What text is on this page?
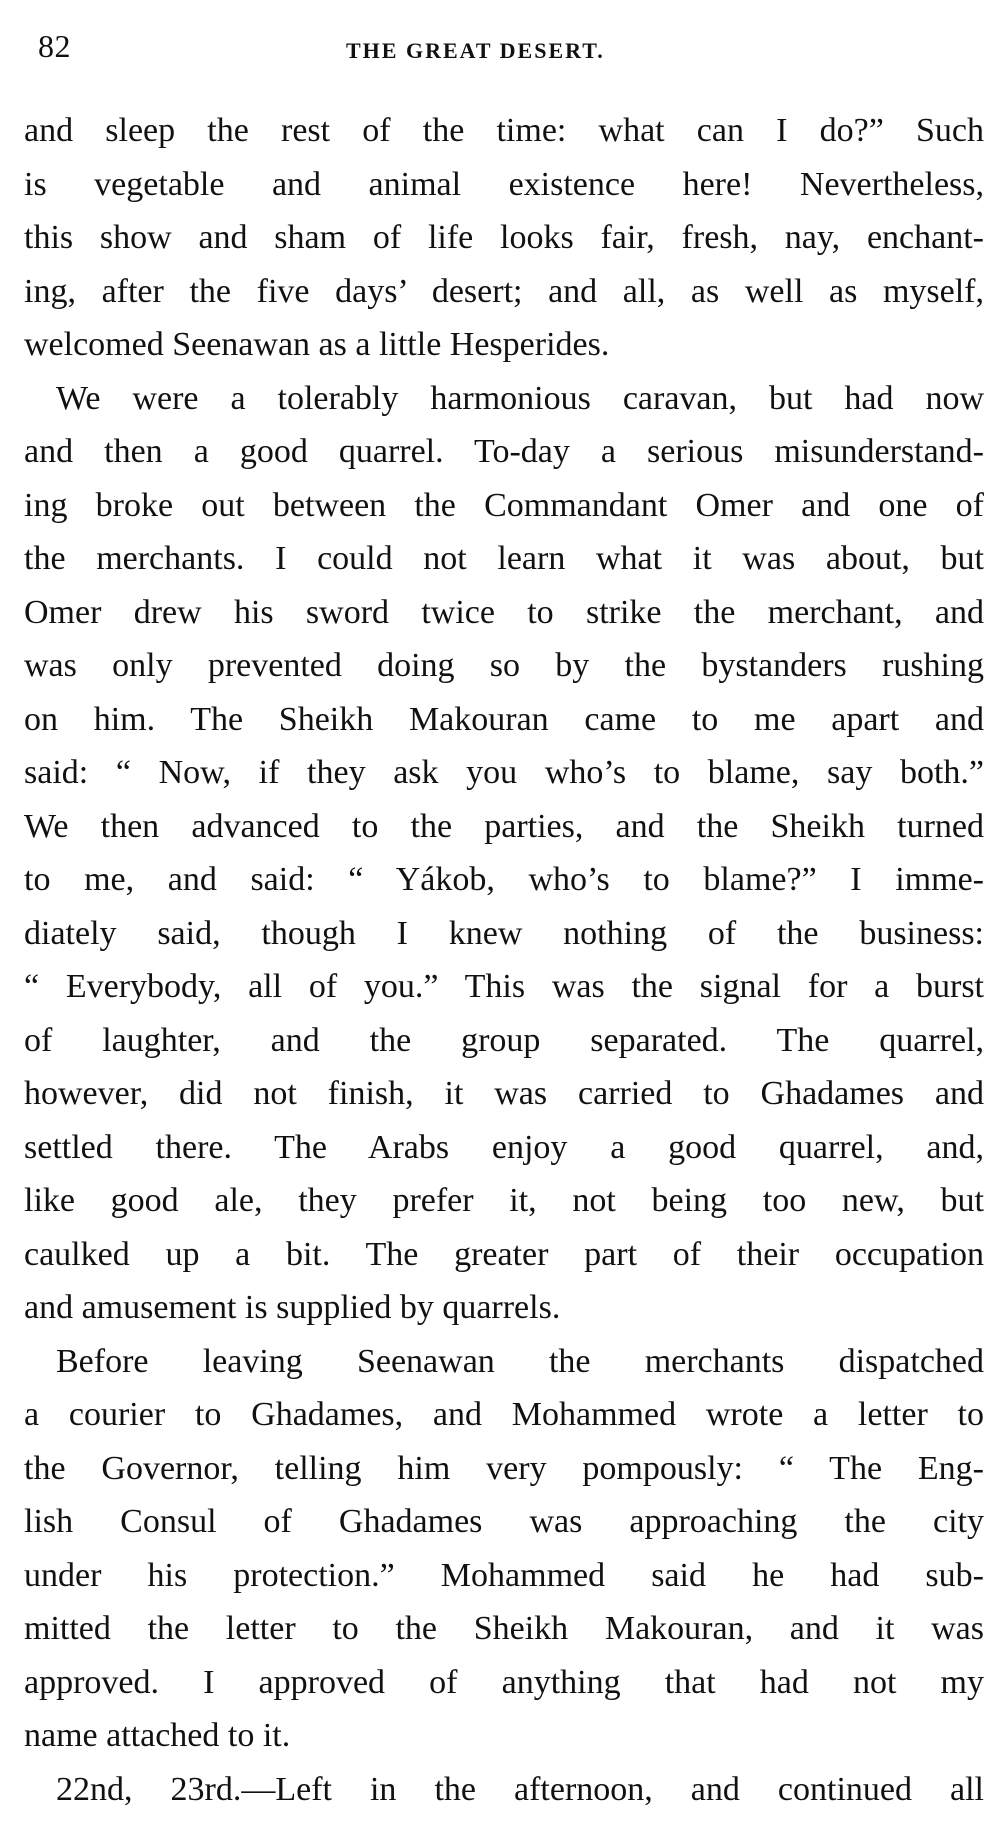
82	THE GREAT DESERT.
and sleep the rest of the time: what can I do?” Such
is vegetable and animal existence here! Nevertheless,
this show and sham of life looks fair, fresh, nay, enchant-
ing, after the five days’ desert; and all, as well as myself,
welcomed Seenawan as a little Hesperides.
We were a tolerably harmonious caravan, but had now
and then a good quarrel. To-day a serious misunderstand-
ing broke out between the Commandant Omer and one of
the merchants. I could not learn what it was about, but
Omer drew his sword twice to strike the merchant, and
was only prevented doing so by the bystanders rushing
on him. The Sheikh Makouran came to me apart and
said: “ Now, if they ask you who’s to blame, say both.”
We then advanced to the parties, and the Sheikh turned
to me, and said: “ Yákob, who’s to blame?” I imme-
diately said, though I knew nothing of the business:
“ Everybody, all of you.” This was the signal for a burst
of laughter, and the group separated. The quarrel,
however, did not finish, it was carried to Ghadames and
settled there. The Arabs enjoy a good quarrel, and,
like good ale, they prefer it, not being too new, but
caulked up a bit. The greater part of their occupation
and amusement is supplied by quarrels.
Before leaving Seenawan the merchants dispatched
a courier to Ghadames, and Mohammed wrote a letter to
the Governor, telling him very pompously: “ The Eng-
lish Consul of Ghadames was approaching the city
under his protection.” Mohammed said he had sub-
mitted the letter to the Sheikh Makouran, and it was
approved. I approved of anything that had not my
name attached to it.
22nd, 23rd.—Left in the afternoon, and continued all
